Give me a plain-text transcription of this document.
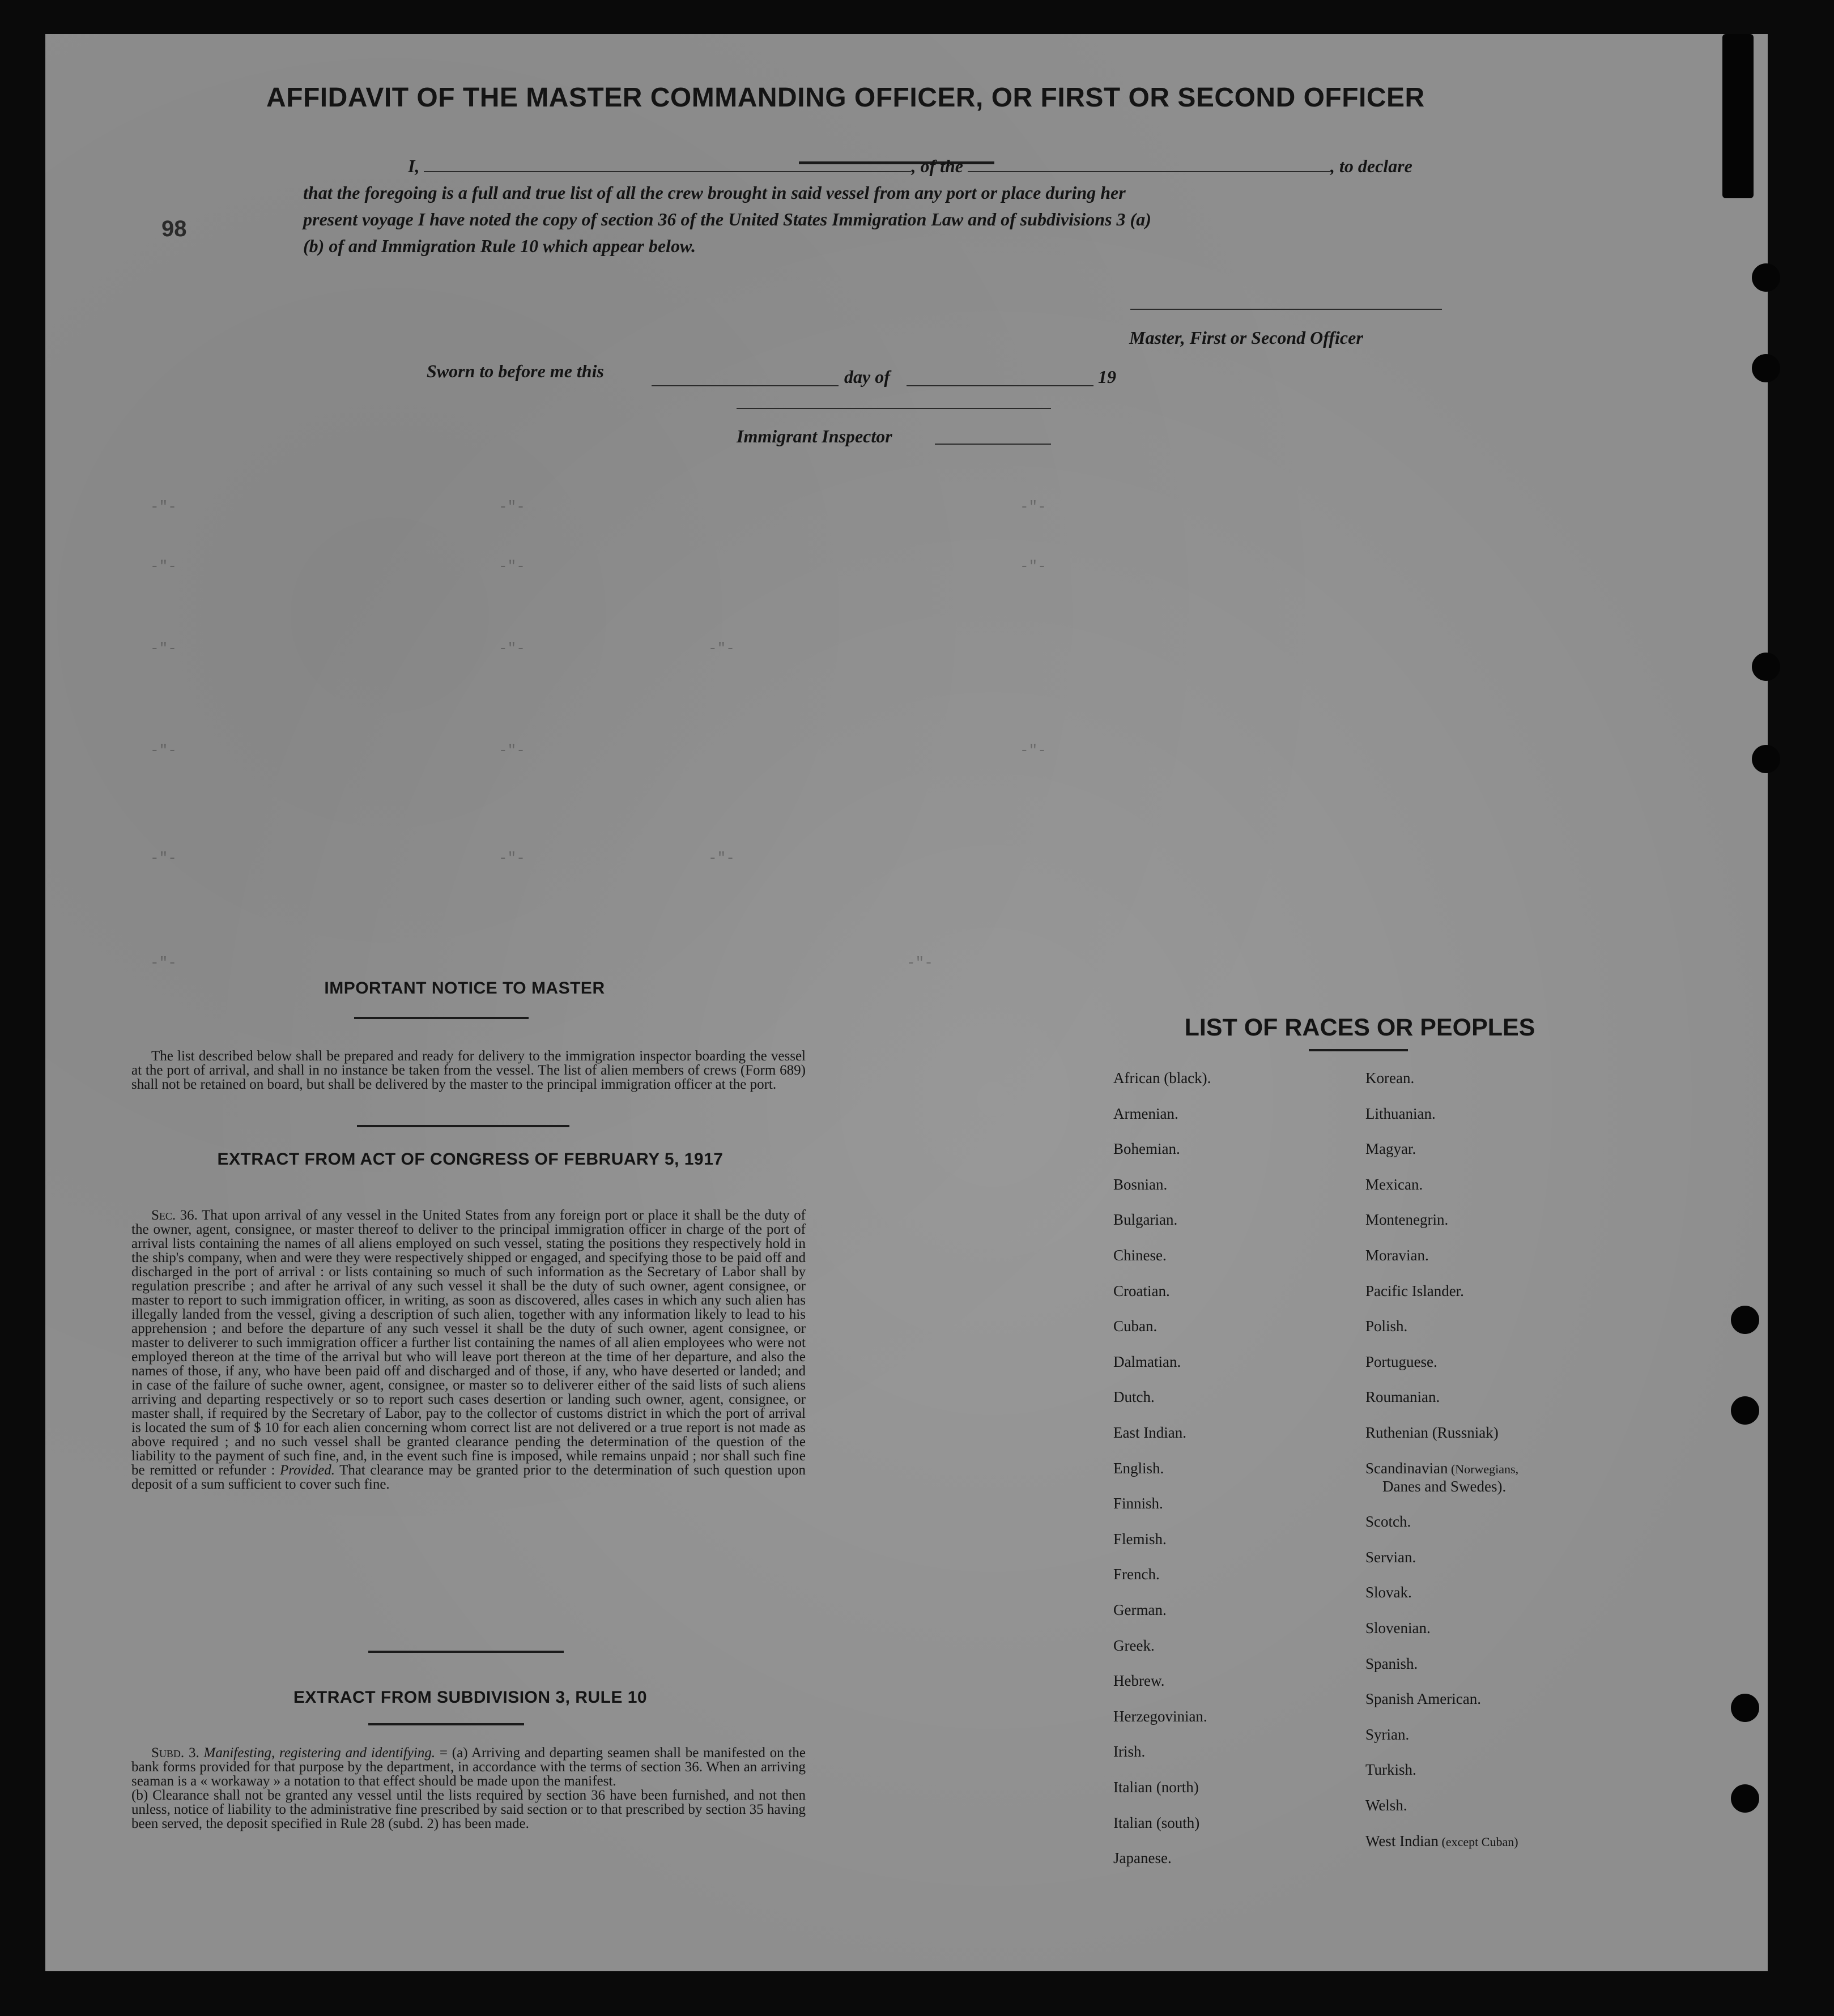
98
AFFIDAVIT OF THE MASTER COMMANDING OFFICER, OR FIRST OR SECOND OFFICER

I,	, of the	, to declare

that the foregoing is a full and true list of all the crew brought in said vessel from any port or place during her

present voyage I have noted the copy of section 36 of the United States Immigration Law and of subdivisions 3 (a)

(b) of and Immigration Rule 10 which appear below.

Master, First or Second Officer
Sworn to before me this	day of	19
Immigrant Inspector
-"-	-"-	-"-
-"-	-"-	-"-
-"-	-"-	-"-
-"-	-"-	-"-
-"-	-"-	-"-
-"-	-"-
IMPORTANT NOTICE TO MASTER

The list described below shall be prepared and ready for delivery to the immigration inspector boarding the vessel at the port of arrival, and shall in no instance be taken from the vessel. The list of alien members of crews (Form 689) shall not be retained on board, but shall be delivered by the master to the principal immigration officer at the port.

EXTRACT FROM ACT OF CONGRESS OF FEBRUARY 5, 1917

Sec. 36. That upon arrival of any vessel in the United States from any foreign port or place it shall be the duty of the owner, agent, consignee, or master thereof to deliver to the principal immigration officer in charge of the port of arrival lists containing the names of all aliens employed on such vessel, stating the positions they respectively hold in the ship's company, when and were they were respectively shipped or engaged, and specifying those to be paid off and discharged in the port of arrival : or lists containing so much of such information as the Secretary of Labor shall by regulation prescribe ; and after he arrival of any such vessel it shall be the duty of such owner, agent consignee, or master to report to such immigration officer, in writing, as soon as discovered, alles cases in which any such alien has illegally landed from the vessel, giving a description of such alien, together with any information likely to lead to his apprehension ; and before the departure of any such vessel it shall be the duty of such owner, agent consignee, or master to deliverer to such immigration officer a further list containing the names of all alien employees who were not employed thereon at the time of the arrival but who will leave port thereon at the time of her departure, and also the names of those, if any, who have been paid off and discharged and of those, if any, who have deserted or landed; and in case of the failure of suche owner, agent, consignee, or master so to deliverer either of the said lists of such aliens arriving and departing respectively or so to report such cases desertion or landing such owner, agent, consignee, or master shall, if required by the Secretary of Labor, pay to the collector of customs district in which the port of arrival is located the sum of $ 10 for each alien concerning whom correct list are not delivered or a true report is not made as above required ; and no such vessel shall be granted clearance pending the determination of the question of the liability to the payment of such fine, and, in the event such fine is imposed, while remains unpaid ; nor shall such fine be remitted or refunder : Provided. That clearance may be granted prior to the determination of such question upon deposit of a sum sufficient to cover such fine.

EXTRACT FROM SUBDIVISION 3, RULE 10

Subd. 3. Manifesting, registering and identifying. = (a) Arriving and departing seamen shall be manifested on the bank forms provided for that purpose by the department, in accordance with the terms of section 36. When an arriving seaman is a « workaway » a notation to that effect should be made upon the manifest.

(b) Clearance shall not be granted any vessel until the lists required by section 36 have been furnished, and not then unless, notice of liability to the administrative fine prescribed by said section or to that prescribed by section 35 having been served, the deposit specified in Rule 28 (subd. 2) has been made.

LIST OF RACES OR PEOPLES
African (black).
Armenian.
Bohemian.
Bosnian.
Bulgarian.
Chinese.
Croatian.
Cuban.
Dalmatian.
Dutch.
East Indian.
English.
Finnish.
Flemish.
French.
German.
Greek.
Hebrew.
Herzegovinian.
Irish.
Italian (north)
Italian (south)
Japanese.
Korean.
Lithuanian.
Magyar.
Mexican.
Montenegrin.
Moravian.
Pacific Islander.
Polish.
Portuguese.
Roumanian.
Ruthenian (Russniak)
Scandinavian (Norwegians,
Danes and Swedes).
Scotch.
Servian.
Slovak.
Slovenian.
Spanish.
Spanish American.
Syrian.
Turkish.
Welsh.
West Indian (except Cuban)
